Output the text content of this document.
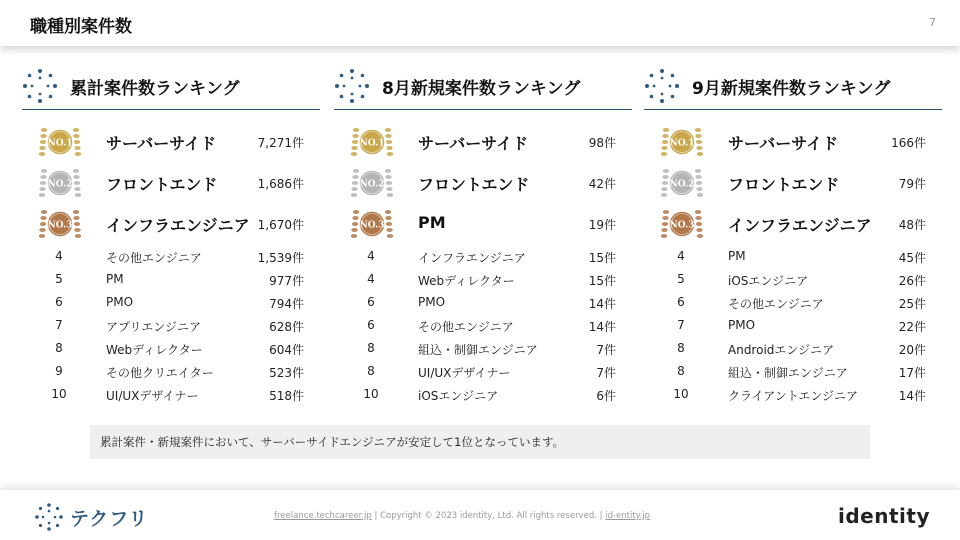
職種別案件数	7
累計案件数ランキング	8月新規案件数ランキング	9月新規案件数ランキング
累計案件・新規案件において、サーバーサイドエンジニアが安定して1位となっています。
テクフリ	freelance.techcareer.jp | Copyright © 2023 identity, Ltd. All rights reserved. | id-entity.jp	identity
NO.1 サーバーサイド	7,271件
NO.2 フロントエンド	1,686件
NO.3 インフラエンジニア 1,670件
4	その他エンジニア	1,539件
5	PM	977件
6	PMO	794件
7	アプリエンジニア	628件
8	Webディレクター	604件
9	その他クリエイター	523件
10	UI/UXデザイナー	518件
NO.1 サーバーサイド	98件
NO.2 フロントエンド	42件
NO.3 PM	19件
4	インフラエンジニア	15件
4	Webディレクター	15件
6	PMO	14件
6	その他エンジニア	14件
8	組込・制御エンジニア	7件
8	UI/UXデザイナー	7件
10	iOSエンジニア	6件
NO.1 サーバーサイド	166件
NO.2 フロントエンド	79件
NO.3 インフラエンジニア 48件
4	PM	45件
5	iOSエンジニア	26件
6	その他エンジニア	25件
7	PMO	22件
8	Androidエンジニア	20件
8	組込・制御エンジニア	17件
10	クライアントエンジニア	14件
